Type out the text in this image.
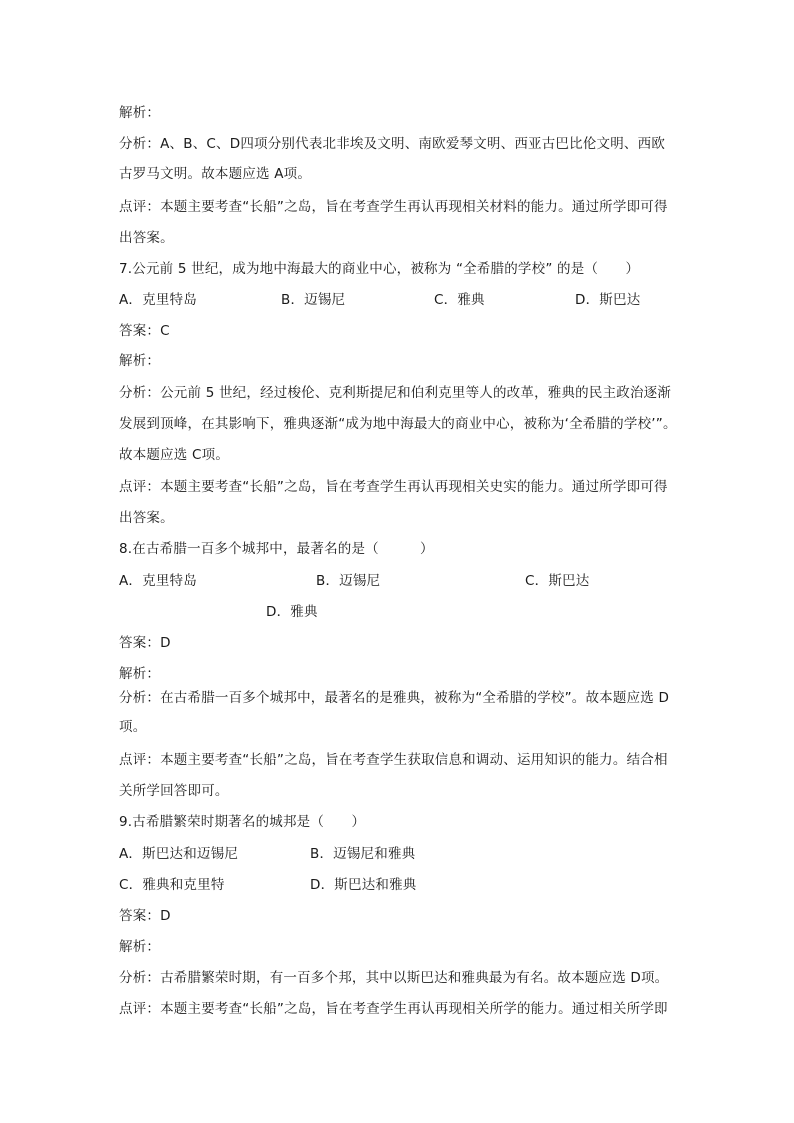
解析：
分析：A、B、C、D四项分别代表北非埃及文明、南欧爱琴文明、西亚古巴比伦文明、西欧
古罗马文明。故本题应选 A项。
点评：本题主要考查“长船”之岛，旨在考查学生再认再现相关材料的能力。通过所学即可得
出答案。
7.公元前 5 世纪，成为地中海最大的商业中心，被称为 “全希腊的学校” 的是（　　）
A．克里特岛	B．迈锡尼	C．雅典	D．斯巴达
答案：C
解析：
分析：公元前 5 世纪，经过梭伦、克利斯提尼和伯利克里等人的改革，雅典的民主政治逐渐
发展到顶峰，在其影响下，雅典逐渐“成为地中海最大的商业中心，被称为‘全希腊的学校’”。
故本题应选 C项。
点评：本题主要考查“长船”之岛，旨在考查学生再认再现相关史实的能力。通过所学即可得
出答案。
8.在古希腊一百多个城邦中，最著名的是（　　　）
A．克里特岛	B．迈锡尼	C．斯巴达
D．雅典
答案：D
解析：
分析：在古希腊一百多个城邦中，最著名的是雅典，被称为“全希腊的学校”。故本题应选 D
项。
点评：本题主要考查“长船”之岛，旨在考查学生获取信息和调动、运用知识的能力。结合相
关所学回答即可。
9.古希腊繁荣时期著名的城邦是（　　）
A．斯巴达和迈锡尼	B．迈锡尼和雅典
C．雅典和克里特	D．斯巴达和雅典
答案：D
解析：
分析：古希腊繁荣时期，有一百多个邦，其中以斯巴达和雅典最为有名。故本题应选 D项。
点评：本题主要考查“长船”之岛，旨在考查学生再认再现相关所学的能力。通过相关所学即
